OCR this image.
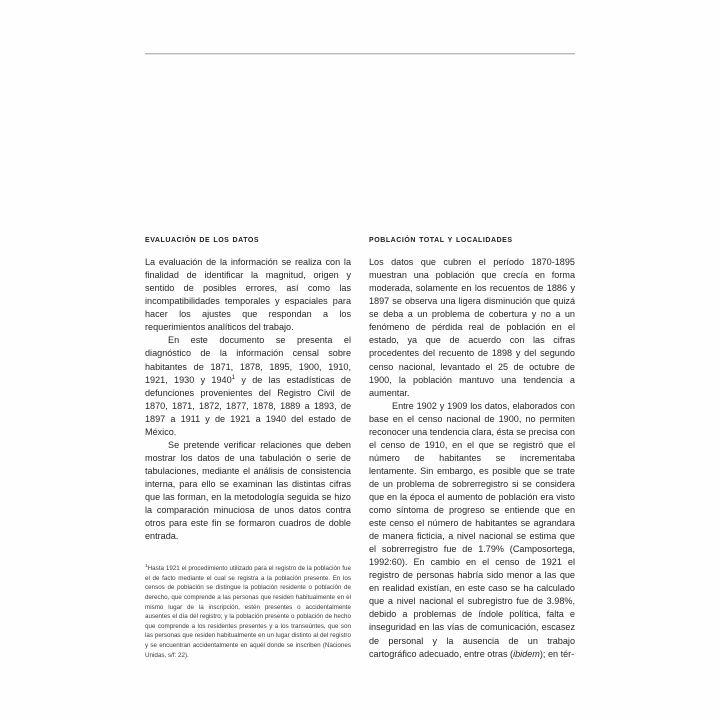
evaluación de los datos

La evaluación de la información se realiza con la finalidad de identificar la magnitud, origen y sentido de posibles errores, así como las incompatibilidades temporales y espaciales para hacer los ajustes que respondan a los requerimientos analíticos del trabajo.

En este documento se presenta el diagnóstico de la información censal sobre habitantes de 1871, 1878, 1895, 1900, 1910, 1921, 1930 y 1940$^1$ y de las estadísticas de defunciones provenientes del Registro Civil de 1870, 1871, 1872, 1877, 1878, 1889 a 1893, de 1897 a 1911 y de 1921 a 1940 del estado de México.

Se pretende verificar relaciones que deben mostrar los datos de una tabulación o serie de tabulaciones, mediante el análisis de consistencia interna, para ello se examinan las distintas cifras que las forman, en la metodología seguida se hizo la comparación minuciosa de unos datos contra otros para este fin se formaron cuadros de doble entrada.

$^1$Hasta 1921 el procedimiento utilizado para el registro de la población fue el de facto mediante el cual se registra a la población presente. En los censos de población se distingue la población residente o población de derecho, que comprende a las personas que residen habitualmente en el mismo lugar de la inscripción, estén presentes o accidentalmente ausentes el día del registro; y la población presente o población de hecho que comprende a los residentes presentes y a los transeúntes, que son las personas que residen habitualmente en un lugar distinto al del registro y se encuentran accidentalmente en aquél donde se inscriben (Naciones Unidas, s/f: 22).

población total y localidades

Los datos que cubren el período 1870-1895 muestran una población que crecía en forma moderada, solamente en los recuentos de 1886 y 1897 se observa una ligera disminución que quizá se deba a un problema de cobertura y no a un fenómeno de pérdida real de población en el estado, ya que de acuerdo con las cifras procedentes del recuento de 1898 y del segundo censo nacional, levantado el 25 de octubre de 1900, la población mantuvo una tendencia a aumentar.

Entre 1902 y 1909 los datos, elaborados con base en el censo nacional de 1900, no permiten reconocer una tendencia clara, ésta se precisa con el censo de 1910, en el que se registró que el número de habitantes se incrementaba lentamente. Sin embargo, es posible que se trate de un problema de sobrerregistro si se considera que en la época el aumento de población era visto como síntoma de progreso se entiende que en este censo el número de habitantes se agrandara de manera ficticia, a nivel nacional se estima que el sobrerregistro fue de 1.79% (Camposortega, 1992:60). En cambio en el censo de 1921 el registro de personas habría sido menor a las que en realidad existían, en este caso se ha calculado que a nivel nacional el subregistro fue de 3.98%, debido a problemas de índole política, falta e inseguridad en las vías de comunicación, escasez de personal y la ausencia de un trabajo cartográfico adecuado, entre otras (ibidem); en tér-
